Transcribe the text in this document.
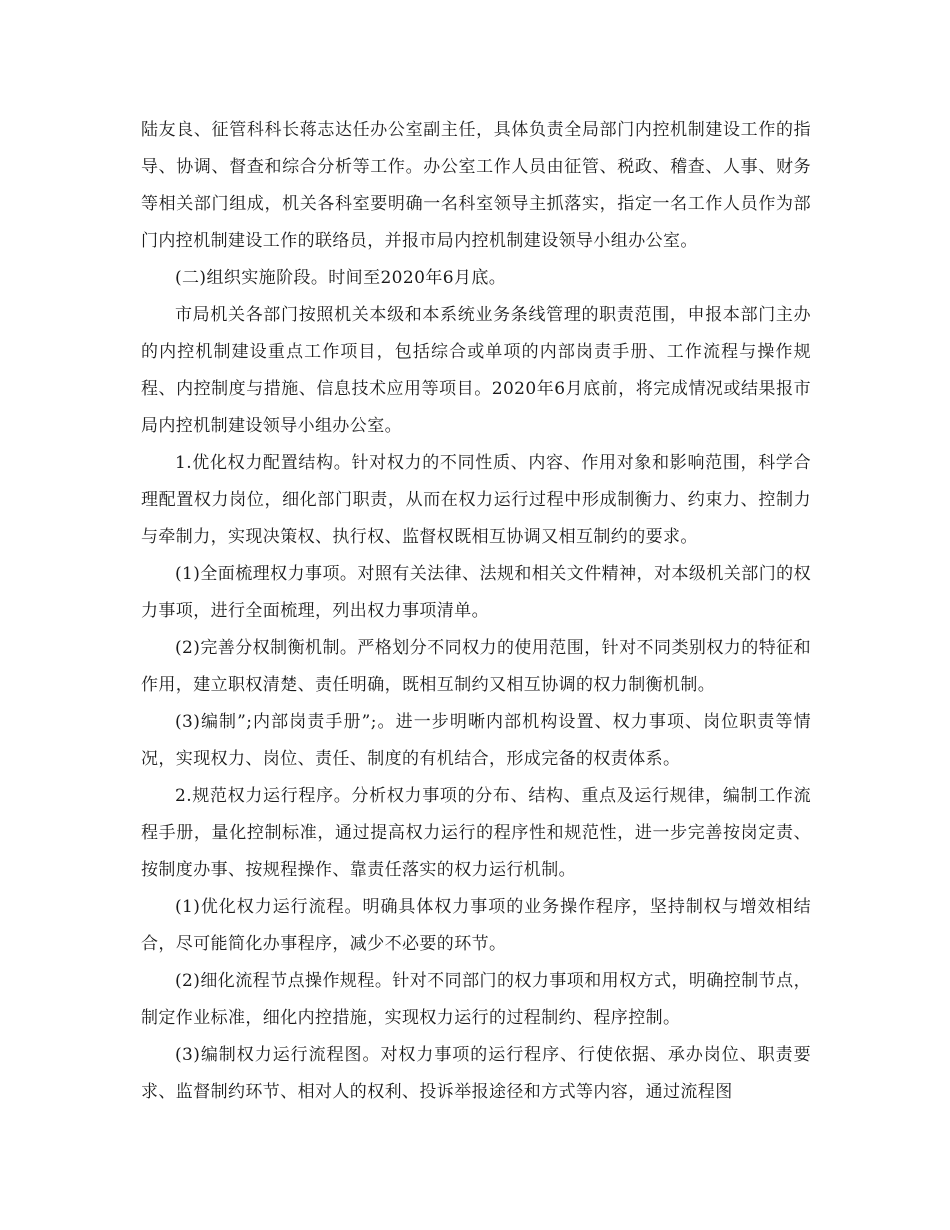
陆友良、征管科科长蒋志达任办公室副主任，具体负责全局部门内控机制建设工作的指导、协调、督查和综合分析等工作。办公室工作人员由征管、税政、稽查、人事、财务等相关部门组成，机关各科室要明确一名科室领导主抓落实，指定一名工作人员作为部门内控机制建设工作的联络员，并报市局内控机制建设领导小组办公室。

(二)组织实施阶段。时间至2020年6月底。

市局机关各部门按照机关本级和本系统业务条线管理的职责范围，申报本部门主办的内控机制建设重点工作项目，包括综合或单项的内部岗责手册、工作流程与操作规程、内控制度与措施、信息技术应用等项目。2020年6月底前，将完成情况或结果报市局内控机制建设领导小组办公室。

1.优化权力配置结构。针对权力的不同性质、内容、作用对象和影响范围，科学合理配置权力岗位，细化部门职责，从而在权力运行过程中形成制衡力、约束力、控制力与牵制力，实现决策权、执行权、监督权既相互协调又相互制约的要求。

(1)全面梳理权力事项。对照有关法律、法规和相关文件精神，对本级机关部门的权力事项，进行全面梳理，列出权力事项清单。

(2)完善分权制衡机制。严格划分不同权力的使用范围，针对不同类别权力的特征和作用，建立职权清楚、责任明确，既相互制约又相互协调的权力制衡机制。

(3)编制”;内部岗责手册”;。进一步明晰内部机构设置、权力事项、岗位职责等情况，实现权力、岗位、责任、制度的有机结合，形成完备的权责体系。

2.规范权力运行程序。分析权力事项的分布、结构、重点及运行规律，编制工作流程手册，量化控制标准，通过提高权力运行的程序性和规范性，进一步完善按岗定责、按制度办事、按规程操作、靠责任落实的权力运行机制。

(1)优化权力运行流程。明确具体权力事项的业务操作程序，坚持制权与增效相结合，尽可能简化办事程序，减少不必要的环节。

(2)细化流程节点操作规程。针对不同部门的权力事项和用权方式，明确控制节点，制定作业标准，细化内控措施，实现权力运行的过程制约、程序控制。

(3)编制权力运行流程图。对权力事项的运行程序、行使依据、承办岗位、职责要求、监督制约环节、相对人的权利、投诉举报途径和方式等内容，通过流程图
